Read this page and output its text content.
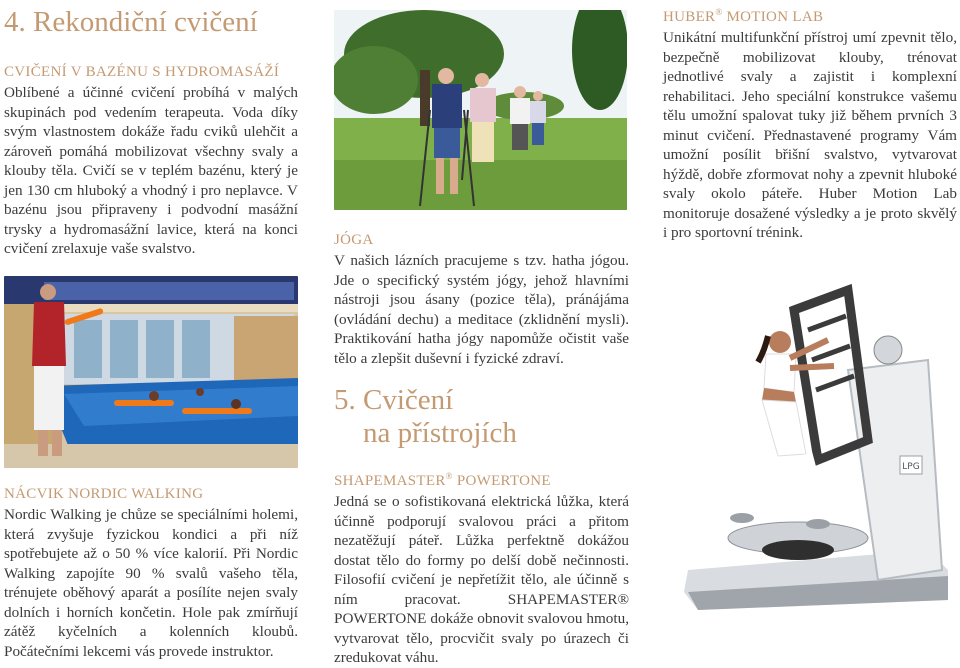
4. Rekondiční cvičení

CVIČENÍ V BAZÉNU S HYDROMASÁŽÍ

Oblíbené a účinné cvičení probíhá v malých skupinách pod vedením terapeuta. Voda díky svým vlastnostem dokáže řadu cviků ulehčit a zároveň pomáhá mobilizovat všechny svaly a klouby těla. Cvičí se v teplém bazénu, který je jen 130 cm hluboký a vhodný i pro neplavce. V bazénu jsou připraveny i podvodní masážní trysky a hydromasážní lavice, která na konci cvičení zrelaxuje vaše svalstvo.

NÁCVIK NORDIC WALKING

Nordic Walking je chůze se speciálními holemi, která zvyšuje fyzickou kondici a při níž spotřebujete až o 50 % více kalorií. Při Nordic Walking zapojíte 90 % svalů vašeho těla, trénujete oběhový aparát a posílíte nejen svaly dolních i horních končetin. Hole pak zmírňují zátěž kyčelních a kolenních kloubů. Počátečními lekcemi vás provede instruktor.

JÓGA

V našich lázních pracujeme s tzv. hatha jógou. Jde o specifický systém jógy, jehož hlavními nástroji jsou ásany (pozice těla), pránájáma (ovládání dechu) a meditace (zklidnění mysli). Praktikování hatha jógy napomůže očistit vaše tělo a zlepšit duševní i fyzické zdraví.

5. Cvičení
na přístrojích

SHAPEMASTER® POWERTONE

Jedná se o sofistikovaná elektrická lůžka, která účinně podporují svalovou práci a přitom nezatěžují páteř. Lůžka perfektně dokážou dostat tělo do formy po delší době nečinnosti. Filosofií cvičení je nepřetížit tělo, ale účinně s ním pracovat. SHAPEMASTER® POWERTONE dokáže obnovit svalovou hmotu, vytvarovat tělo, procvičit svaly po úrazech či zredukovat váhu.

HUBER® MOTION LAB

Unikátní multifunkční přístroj umí zpevnit tělo, bezpečně mobilizovat klouby, trénovat jednotlivé svaly a zajistit i komplexní rehabilitaci. Jeho speciální konstrukce vašemu tělu umožní spalovat tuky již během prvních 3 minut cvičení. Přednastavené programy Vám umožní posílit břišní svalstvo, vytvarovat hýždě, dobře zformovat nohy a zpevnit hluboké svaly okolo páteře. Huber Motion Lab monitoruje dosažené výsledky a je proto skvělý i pro sportovní trénink.

LPG
